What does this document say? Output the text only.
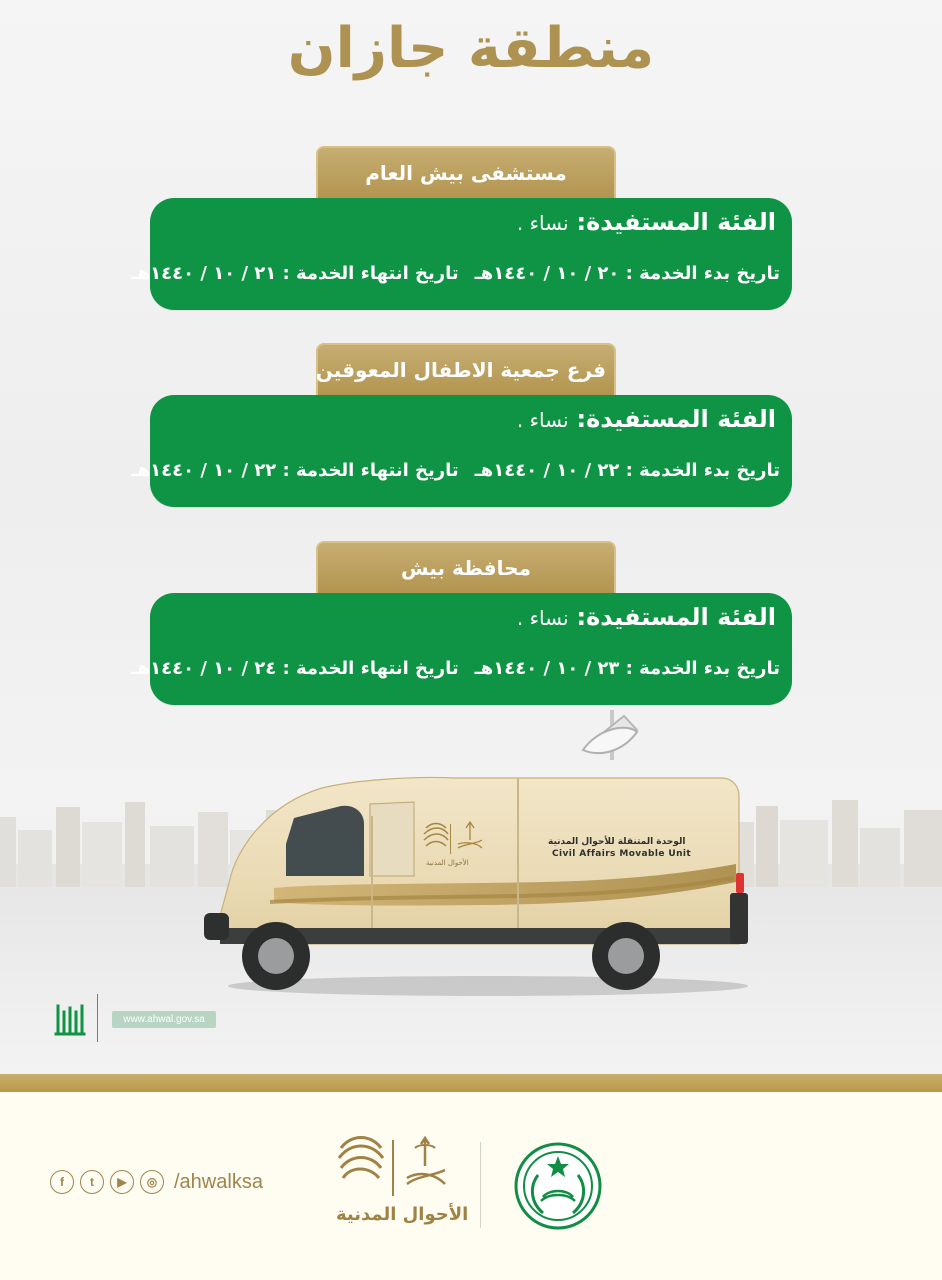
منطقة جازان
مستشفى بيش العام
الفئة المستفيدة:
نساء .
تاريخ بدء الخدمة : ٢٠ / ١٠ / ١٤٤٠هـ
تاريخ انتهاء الخدمة : ٢١ / ١٠ / ١٤٤٠هـ
فرع جمعية الاطفال المعوقين
الفئة المستفيدة:
نساء .
تاريخ بدء الخدمة : ٢٢ / ١٠ / ١٤٤٠هـ
تاريخ انتهاء الخدمة : ٢٢ / ١٠ / ١٤٤٠هـ
محافظة بيش
الفئة المستفيدة:
نساء .
تاريخ بدء الخدمة : ٢٣ / ١٠ / ١٤٤٠هـ
تاريخ انتهاء الخدمة : ٢٤ / ١٠ / ١٤٤٠هـ
الأحوال المدنية
الوحدة المتنقلة للأحوال المدنية
Civil Affairs Movable Unit
www.ahwal.gov.sa
f	t	▶	◎ /ahwalksa
الأحوال المدنية
